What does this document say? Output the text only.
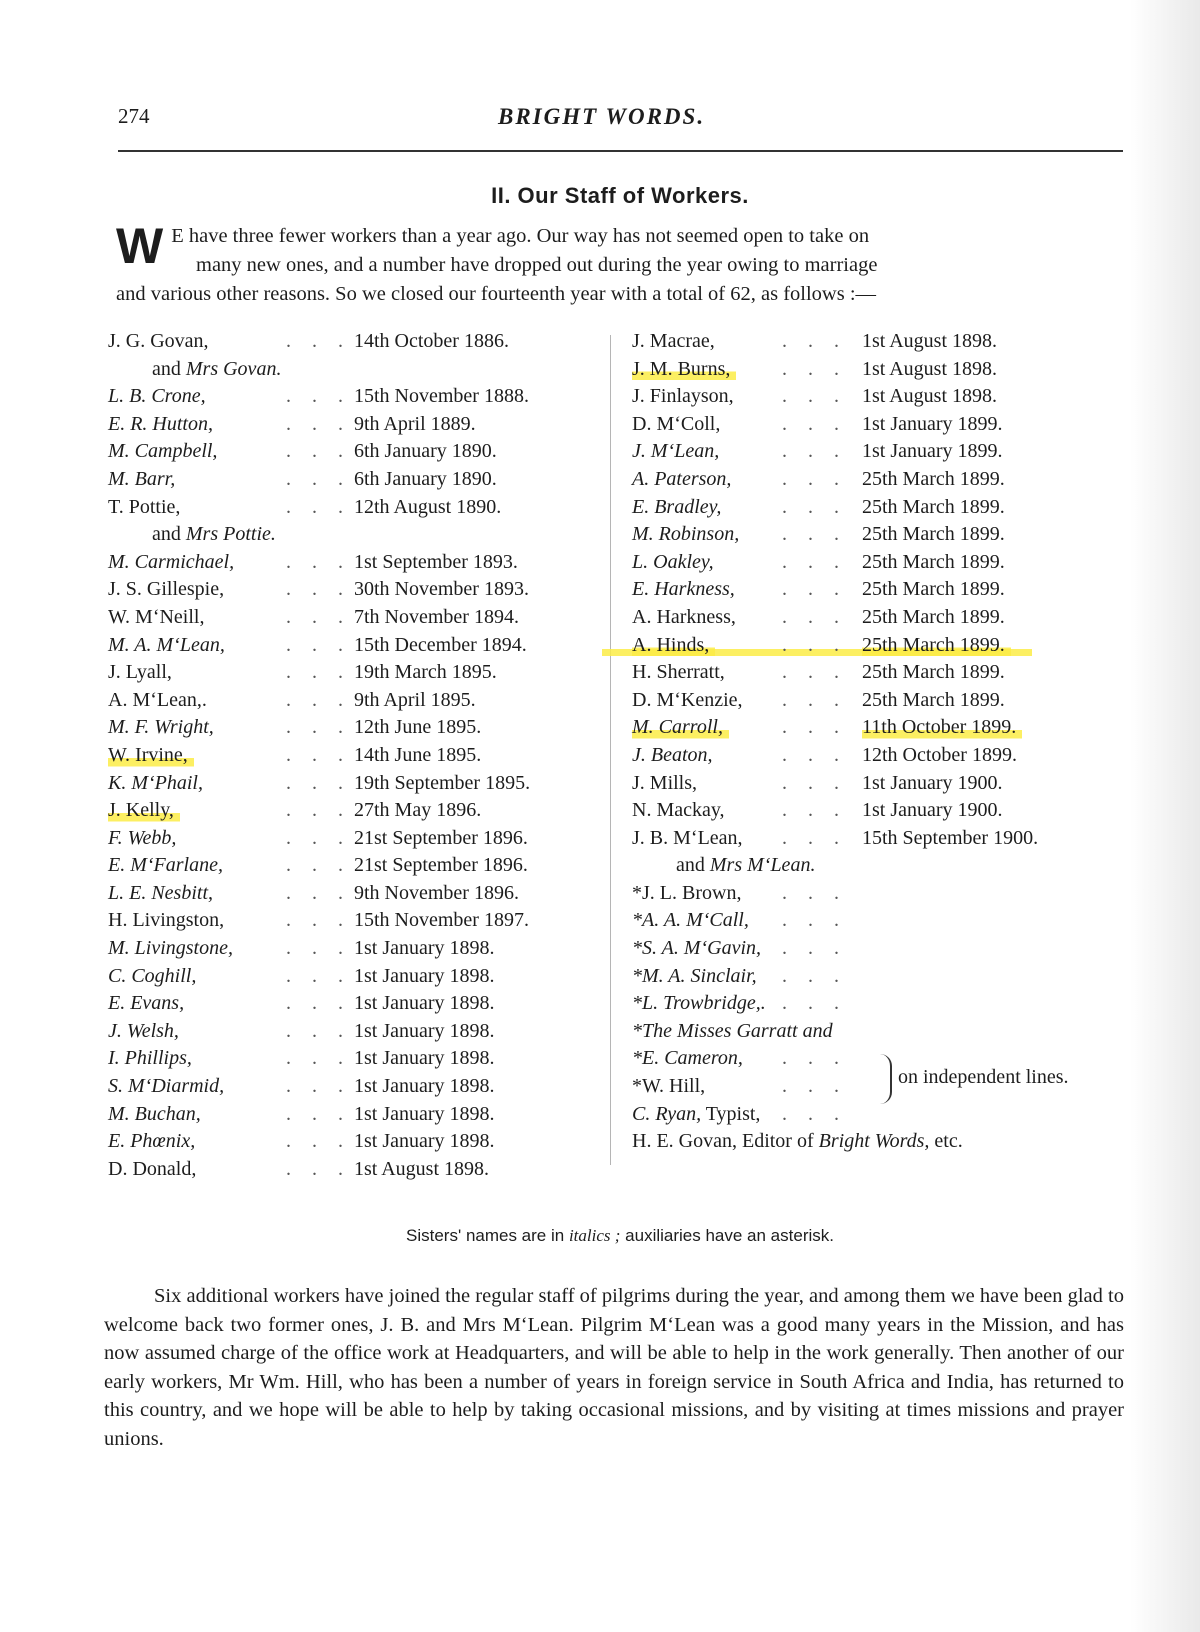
274	BRIGHT WORDS.
II. Our Staff of Workers.
W E have three fewer workers than a year ago. Our way has not seemed open to take on
many new ones, and a number have dropped out during the year owing to marriage
and various other reasons. So we closed our fourteenth year with a total of 62, as follows :—
J. G. Govan,	. . . 14th October 1886.
and Mrs Govan.
L. B. Crone,	. . . 15th November 1888.
E. R. Hutton,	. . . 9th April 1889.
M. Campbell,	. . . 6th January 1890.
M. Barr,	. . . 6th January 1890.
T. Pottie,	. . . 12th August 1890.
and Mrs Pottie.
M. Carmichael,	. . . 1st September 1893.
J. S. Gillespie,	. . . 30th November 1893.
W. M‘Neill,	. . . 7th November 1894.
M. A. M‘Lean,	. . . 15th December 1894.
J. Lyall,	. . . 19th March 1895.
A. M‘Lean,.	. . . 9th April 1895.
M. F. Wright,	. . . 12th June 1895.
W. Irvine,	. . . 14th June 1895.
K. M‘Phail,	. . . 19th September 1895.
J. Kelly,	. . . 27th May 1896.
F. Webb,	. . . 21st September 1896.
E. M‘Farlane,	. . . 21st September 1896.
L. E. Nesbitt,	. . . 9th November 1896.
H. Livingston,	. . . 15th November 1897.
M. Livingstone,	. . . 1st January 1898.
C. Coghill,	. . . 1st January 1898.
E. Evans,	. . . 1st January 1898.
J. Welsh,	. . . 1st January 1898.
I. Phillips,	. . . 1st January 1898.
S. M‘Diarmid,	. . . 1st January 1898.
M. Buchan,	. . . 1st January 1898.
E. Phœnix,	. . . 1st January 1898.
D. Donald,	. . . 1st August 1898.
J. Macrae,	. . . 1st August 1898.
J. M. Burns,	. . . 1st August 1898.
J. Finlayson, . . . 1st August 1898.
D. M‘Coll,	. . . 1st January 1899.
J. M‘Lean,	. . . 1st January 1899.
A. Paterson,	. . . 25th March 1899.
E. Bradley,	. . . 25th March 1899.
M. Robinson, . . . 25th March 1899.
L. Oakley,	. . . 25th March 1899.
E. Harkness, . . . 25th March 1899.
A. Harkness, . . . 25th March 1899.
A. Hinds,	. . . 25th March 1899.
H. Sherratt,	. . . 25th March 1899.
D. M‘Kenzie, . . . 25th March 1899.
M. Carroll,	. . . 11th October 1899.
J. Beaton,	. . . 12th October 1899.
J. Mills,	. . . 1st January 1900.
N. Mackay,	. . . 1st January 1900.
J. B. M‘Lean, . . . 15th September 1900.
and Mrs M‘Lean.
*J. L. Brown, . . .
*A. A. M‘Call, . . .
*S. A. M‘Gavin, . . .
*M. A. Sinclair, . . .
*L. Trowbridge,. . . .
*The Misses Garratt and
*E. Cameron, . . .
*W. Hill,	. . .
C. Ryan, Typist, . . .
H. E. Govan, Editor of Bright Words, etc.
on independent lines.
Sisters' names are in italics ; auxiliaries have an asterisk.
Six additional workers have joined the regular staff of pilgrims during the year, and among them we have been glad to welcome back two former ones, J. B. and Mrs M‘Lean. Pilgrim M‘Lean was a good many years in the Mission, and has now assumed charge of the office work at Headquarters, and will be able to help in the work generally. Then another of our early workers, Mr Wm. Hill, who has been a number of years in foreign service in South Africa and India, has returned to this country, and we hope will be able to help by taking occasional missions, and by visiting at times missions and prayer unions.
